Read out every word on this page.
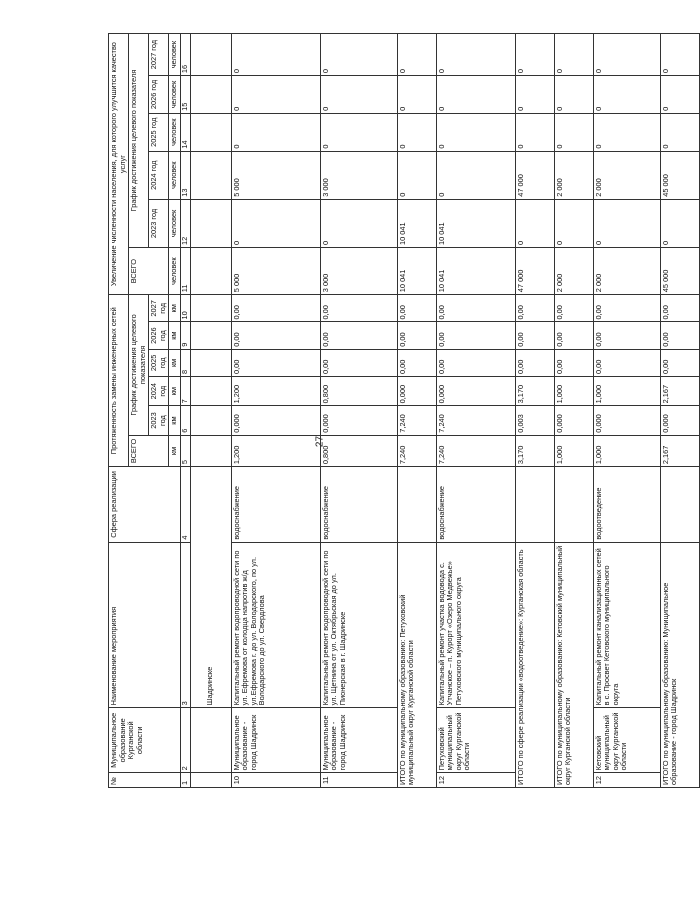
27
№	Муниципальное образование Курганской области	Наименование мероприятия	Сфера реализации	Протяженность замены инженерных сетей						Увеличение численности населения, для которого улучшится качество услуг					
				ВСЕГО	График достижения целевого показателя					ВСЕГО	График достижения целевого показателя				
					2023 год	2024 год	2025 год	2026 год	2027 год		2023 год	2024 год	2025 год	2026 год	2027 год
				км	км	км	км	км	км	человек	человек	человек	человек	человек	человек
1	2	3	4	5	6	7	8	9	10	11	12	13	14	15	16
		Шадринске													
10	Муниципальное образование - город Шадринск	Капитальный ремонт водопроводной сети по ул. Ефремова от колодца напротив ж/д ул.Ефремова г. до ул. Володарского, по ул. Володарского до ул. Свердлова	водоснабжение	1,200	0,000	1,200	0,00	0,00	0,00	5 000	0	5 000	0	0	0
11	Муниципальное образование - город Шадринск	Капитальный ремонт водопроводной сети по ул. Щетнина от ул. Октябрьская до ул. Пионерская в г. Шадринске	водоснабжение	0,800	0,000	0,800	0,00	0,00	0,00	3 000	0	3 000	0	0	0
ИТОГО по муниципальному образованию: Петуховский муниципальный округ Курганской области				7,240	7,240	0,000	0,00	0,00	0,00	10 041	10 041	0	0	0	0
12	Петуховский муниципальный округ Курганской области	Капитальный ремонт участка водовода с. Утчанское – п. Курорт «Озеро Медвежье» Петуховского муниципального округа	водоснабжение	7,240	7,240	0,000	0,00	0,00	0,00	10 041	10 041	0	0	0	0
ИТОГО по сфере реализации «водоотведение»: Курганская область				3,170	0,003	3,170	0,00	0,00	0,00	47 000	0	47 000	0	0	0
ИТОГО по муниципальному образованию: Кетовский муниципальный округ Курганской области				1,000	0,000	1,000	0,00	0,00	0,00	2 000	0	2 000	0	0	0
12	Кетовский муниципальный округ Курганской области	Капитальный ремонт канализационных сетей в с. Просвет Кетовского муниципального округа	водоотведение	1,000	0,000	1,000	0,00	0,00	0,00	2 000	0	2 000	0	0	0
ИТОГО по муниципальному образованию: Муниципальное образование - город Шадринск				2,167	0,000	2,167	0,00	0,00	0,00	45 000	0	45 000	0	0	0
